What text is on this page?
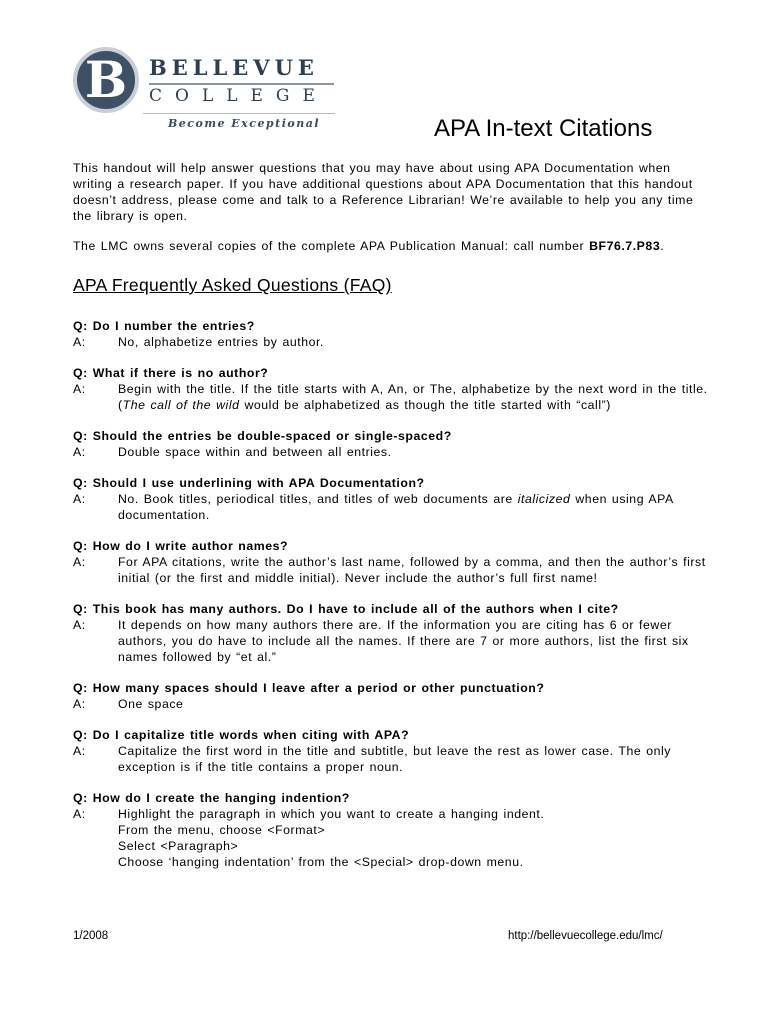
B	BELLEVUE
COLLEGE
Become Exceptional	APA In-text Citations
This handout will help answer questions that you may have about using APA Documentation when writing a research paper. If you have additional questions about APA Documentation that this handout doesn’t address, please come and talk to a Reference Librarian! We’re available to help you any time the library is open.
The LMC owns several copies of the complete APA Publication Manual: call number BF76.7.P83.
APA Frequently Asked Questions (FAQ)
Q: Do I number the entries?
A:	No, alphabetize entries by author.
Q: What if there is no author?
A:	Begin with the title. If the title starts with A, An, or The, alphabetize by the next word in the title. (The call of the wild would be alphabetized as though the title started with “call”)
Q: Should the entries be double-spaced or single-spaced?
A:	Double space within and between all entries.
Q: Should I use underlining with APA Documentation?
A:	No. Book titles, periodical titles, and titles of web documents are italicized when using APA documentation.
Q: How do I write author names?
A:	For APA citations, write the author’s last name, followed by a comma, and then the author’s first initial (or the first and middle initial). Never include the author’s full first name!
Q: This book has many authors. Do I have to include all of the authors when I cite?
A:	It depends on how many authors there are. If the information you are citing has 6 or fewer authors, you do have to include all the names. If there are 7 or more authors, list the first six names followed by “et al.”
Q: How many spaces should I leave after a period or other punctuation?
A:	One space
Q: Do I capitalize title words when citing with APA?
A:	Capitalize the first word in the title and subtitle, but leave the rest as lower case. The only exception is if the title contains a proper noun.
Q: How do I create the hanging indention?
A:	Highlight the paragraph in which you want to create a hanging indent.
From the menu, choose <Format>
Select <Paragraph>
Choose ‘hanging indentation’ from the <Special> drop-down menu.
1/2008	http://bellevuecollege.edu/lmc/
